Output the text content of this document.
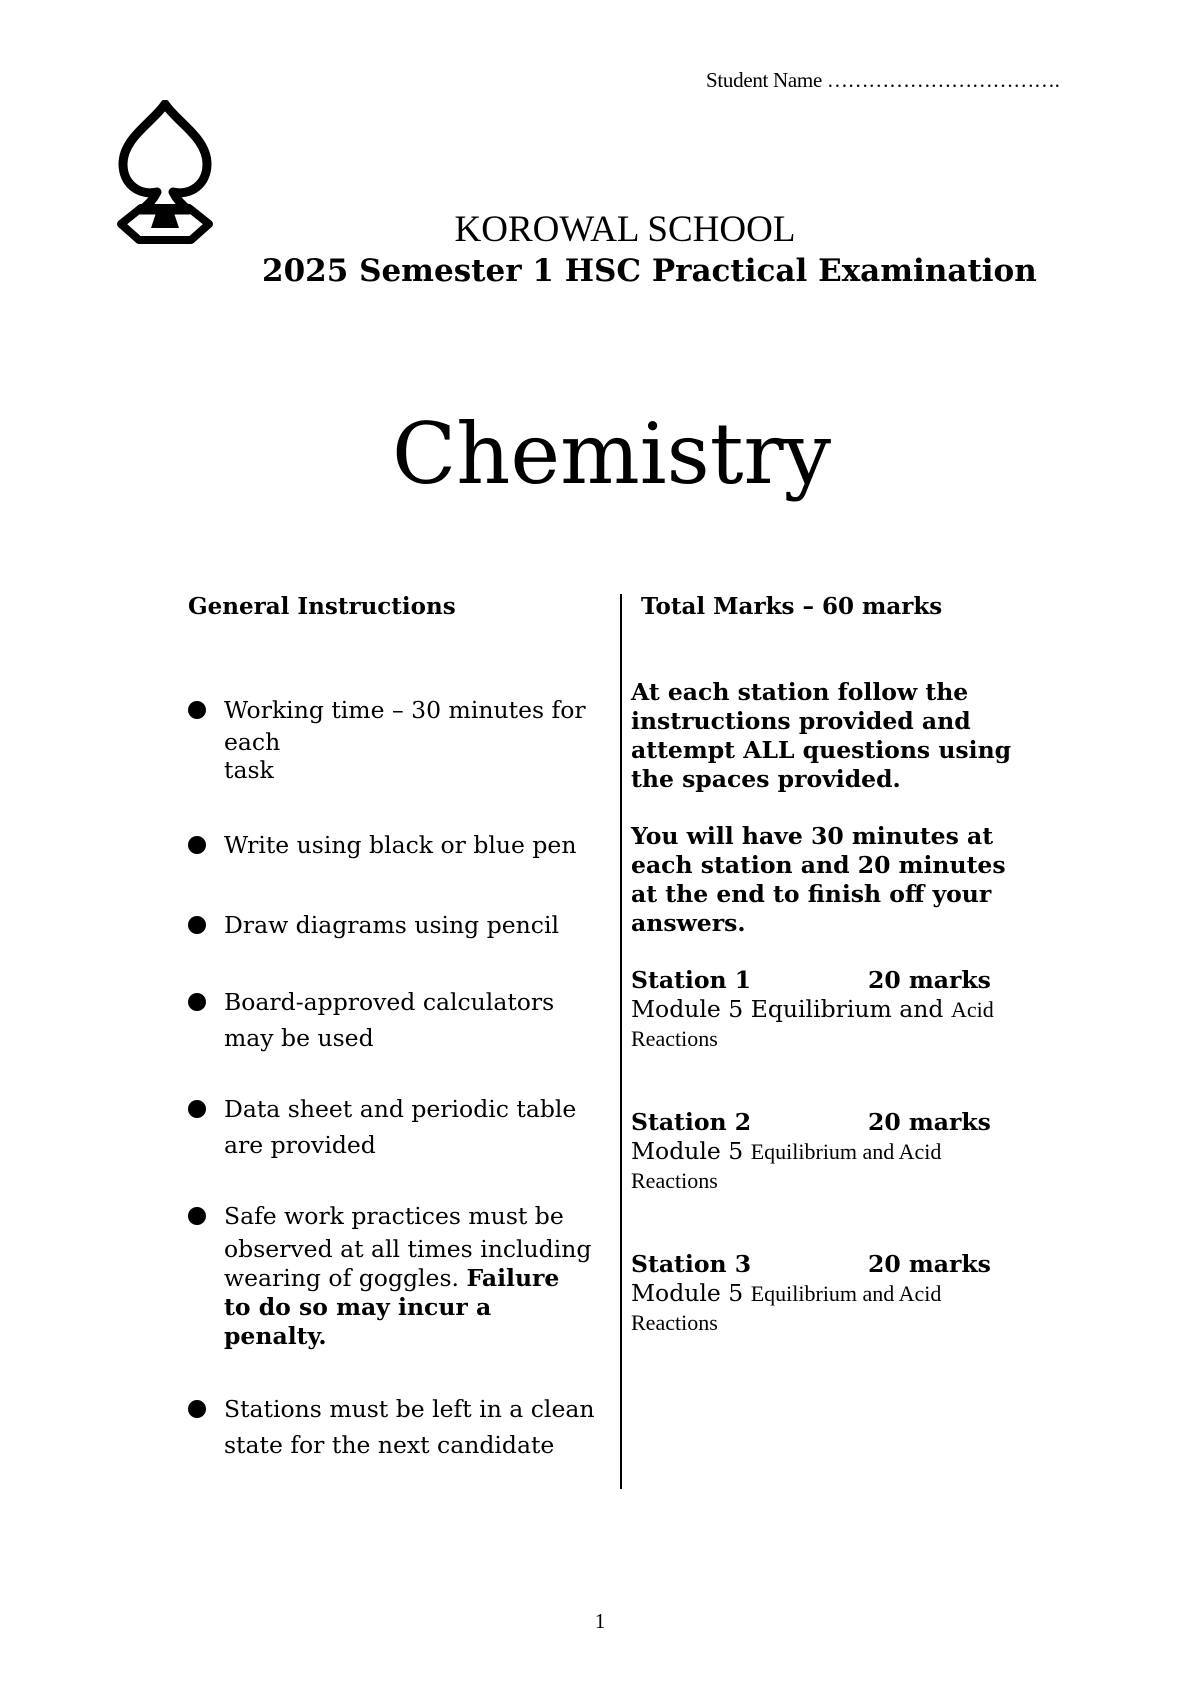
Student Name …………………………….
KOROWAL SCHOOL
2025 Semester 1 HSC Practical Examination
Chemistry
General Instructions	Total Marks – 60 marks
Working time – 30 minutes for

each
task
Write using black or blue pen
Draw diagrams using pencil
Board-approved calculators
may be used
Data sheet and periodic table
are provided
Safe work practices must be

observed at all times including
wearing of goggles. Failure
to do so may incur a
penalty.
Stations must be left in a clean
state for the next candidate
At each station follow the
instructions provided and
attempt ALL questions using
the spaces provided.
You will have 30 minutes at
each station and 20 minutes
at the end to finish off your
answers.
Station 1	20 marks
Module 5 Equilibrium and Acid
Reactions
Station 2	20 marks
Module 5 Equilibrium and Acid
Reactions
Station 3	20 marks
Module 5 Equilibrium and Acid
Reactions
1
